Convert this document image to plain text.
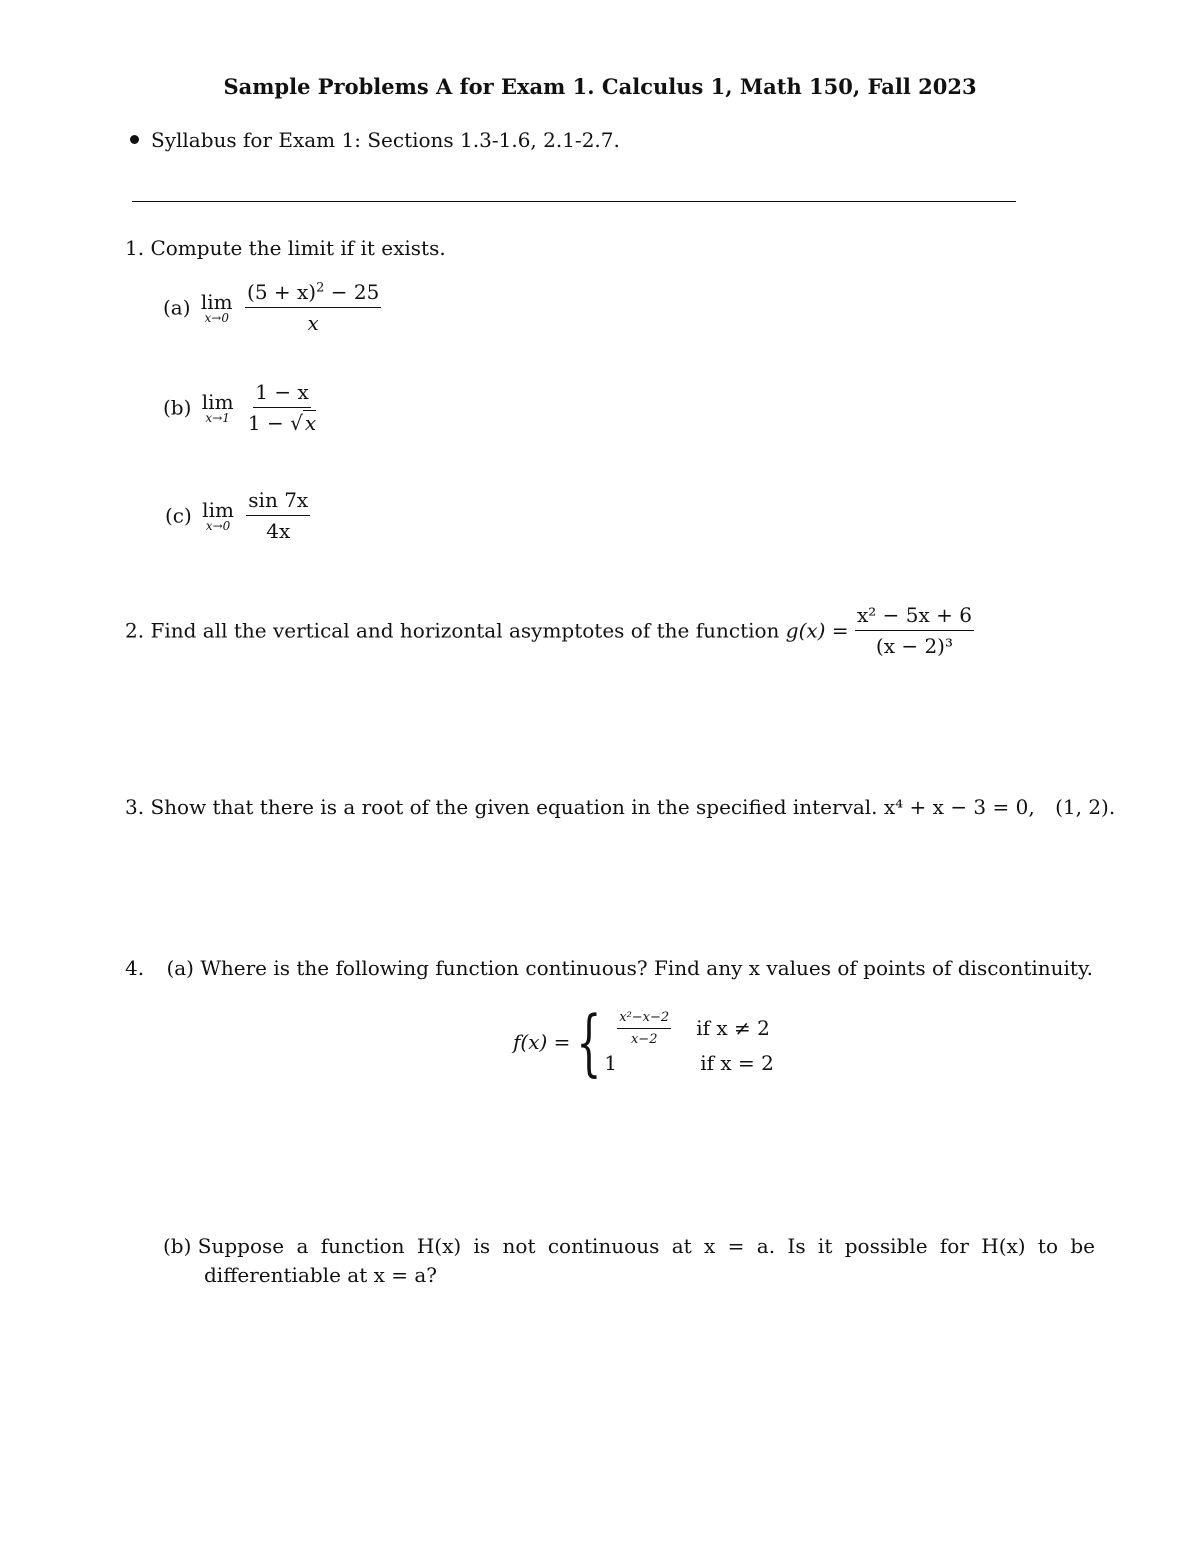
Sample Problems A for Exam 1. Calculus 1, Math 150, Fall 2023
Syllabus for Exam 1: Sections 1.3-1.6, 2.1-2.7.
1. Compute the limit if it exists.
(a) lim
x→0
$\frac{(5 + x)^2 - 25}{x}$
(b) lim
x→1
$\frac{1 - x}{1 - √ x}$
(c) lim
x→0
$\frac{\sin 7x}{4x}$
2. Find all the vertical and horizontal asymptotes of the function $g(x) = \frac{\text{x² − 5x + 6}}{\text{(x − 2)³}}$
3. Show that there is a root of the given equation in the specified interval. x⁴ + x − 3 = 0, (1, 2).
4. (a) Where is the following function continuous? Find any x values of points of discontinuity.
f(x) = { $\frac{\text{x²−x−2}}{x-2}$ if x ≠ 2
1	if x = 2
(b) Suppose a function H(x) is not continuous at x = a. Is it possible for H(x) to be
differentiable at x = a?
